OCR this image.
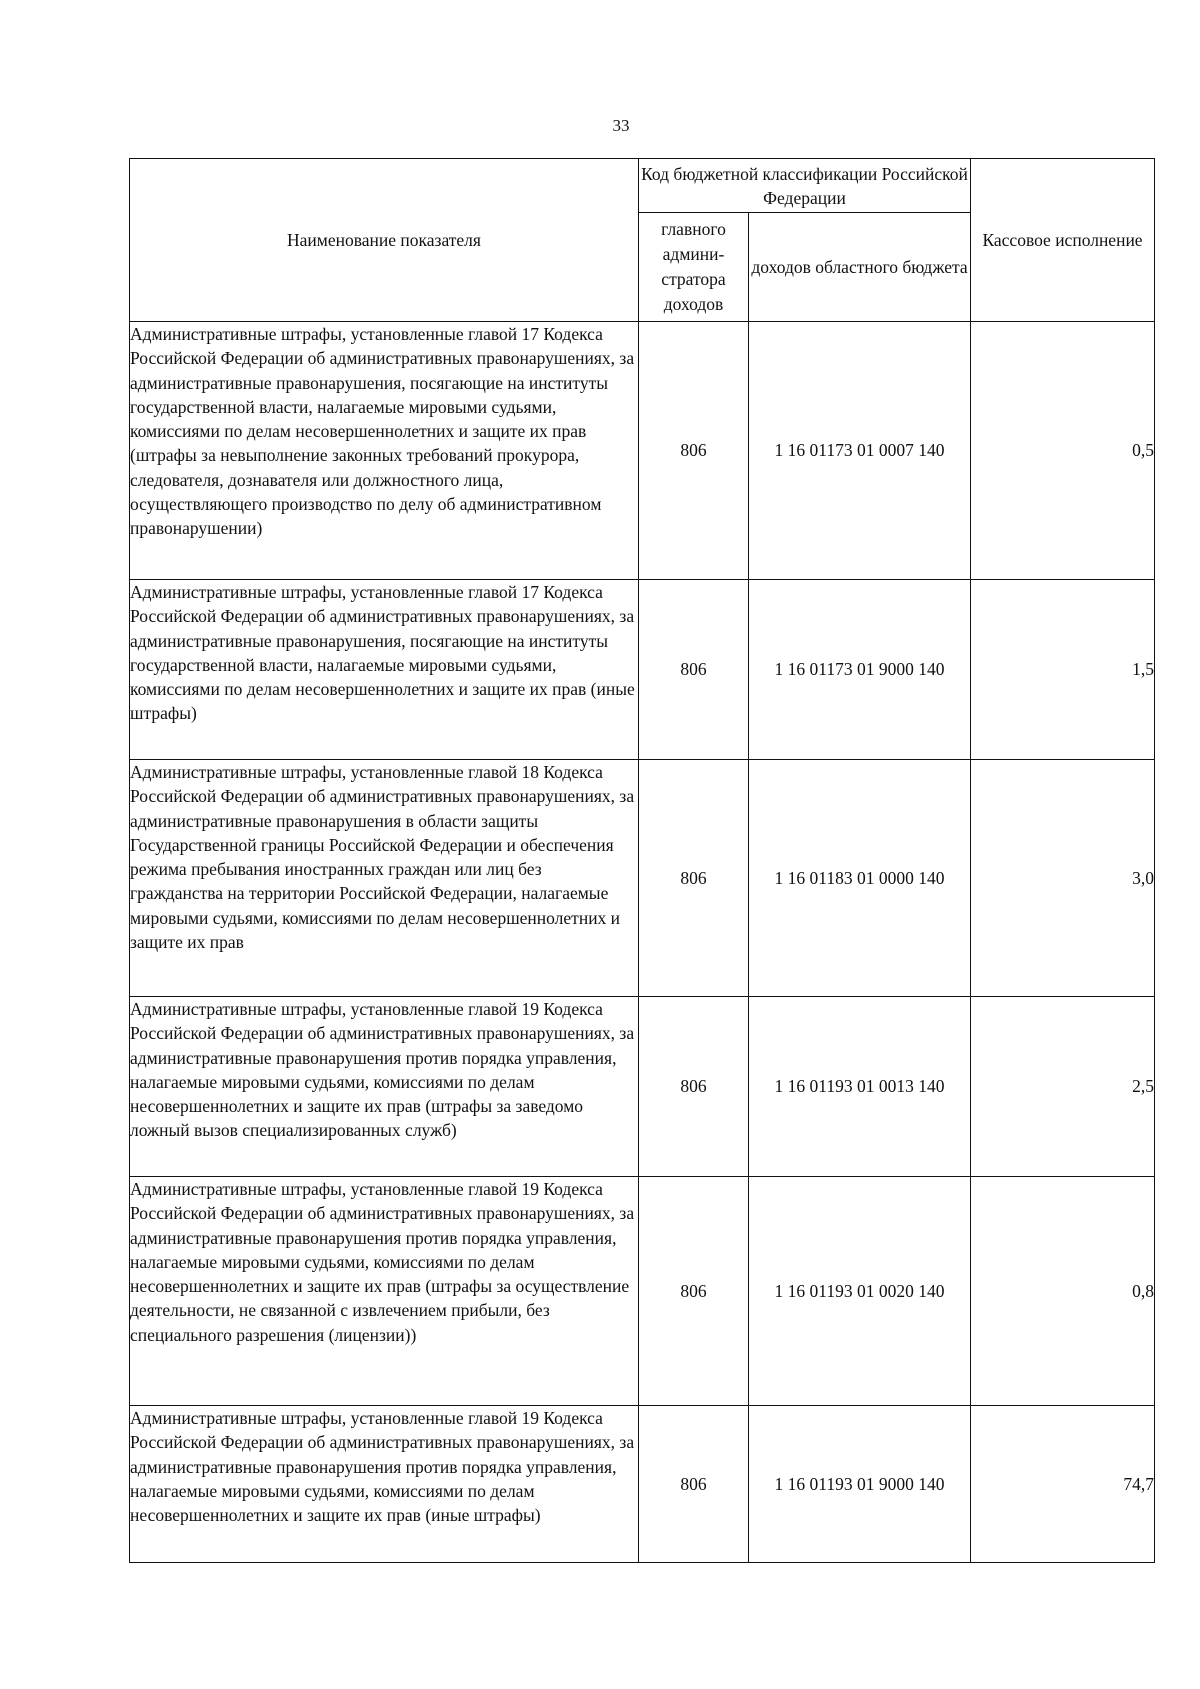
33
Наименование показателя	Код бюджетной классификации Российской Федерации		Кассовое исполнение
	главного админи-стратора доходов	доходов областного бюджета	
Административные штрафы, установленные главой 17 Кодекса Российской Федерации об административных правонарушениях, за административные правонарушения, посягающие на институты государственной власти, налагаемые мировыми судьями, комиссиями по делам несовершеннолетних и защите их прав (штрафы за невыполнение законных требований прокурора, следователя, дознавателя или должностного лица, осуществляющего производство по делу об административном правонарушении)	806	1 16 01173 01 0007 140	0,5
Административные штрафы, установленные главой 17 Кодекса Российской Федерации об административных правонарушениях, за административные правонарушения, посягающие на институты государственной власти, налагаемые мировыми судьями, комиссиями по делам несовершеннолетних и защите их прав (иные штрафы)	806	1 16 01173 01 9000 140	1,5
Административные штрафы, установленные главой 18 Кодекса Российской Федерации об административных правонарушениях, за административные правонарушения в области защиты Государственной границы Российской Федерации и обеспечения режима пребывания иностранных граждан или лиц без гражданства на территории Российской Федерации, налагаемые мировыми судьями, комиссиями по делам несовершеннолетних и защите их прав	806	1 16 01183 01 0000 140	3,0
Административные штрафы, установленные главой 19 Кодекса Российской Федерации об административных правонарушениях, за административные правонарушения против порядка управления, налагаемые мировыми судьями, комиссиями по делам несовершеннолетних и защите их прав (штрафы за заведомо ложный вызов специализированных служб)	806	1 16 01193 01 0013 140	2,5
Административные штрафы, установленные главой 19 Кодекса Российской Федерации об административных правонарушениях, за административные правонарушения против порядка управления, налагаемые мировыми судьями, комиссиями по делам несовершеннолетних и защите их прав (штрафы за осуществление деятельности, не связанной с извлечением прибыли, без специального разрешения (лицензии))	806	1 16 01193 01 0020 140	0,8
Административные штрафы, установленные главой 19 Кодекса Российской Федерации об административных правонарушениях, за административные правонарушения против порядка управления, налагаемые мировыми судьями, комиссиями по делам несовершеннолетних и защите их прав (иные штрафы)	806	1 16 01193 01 9000 140	74,7
